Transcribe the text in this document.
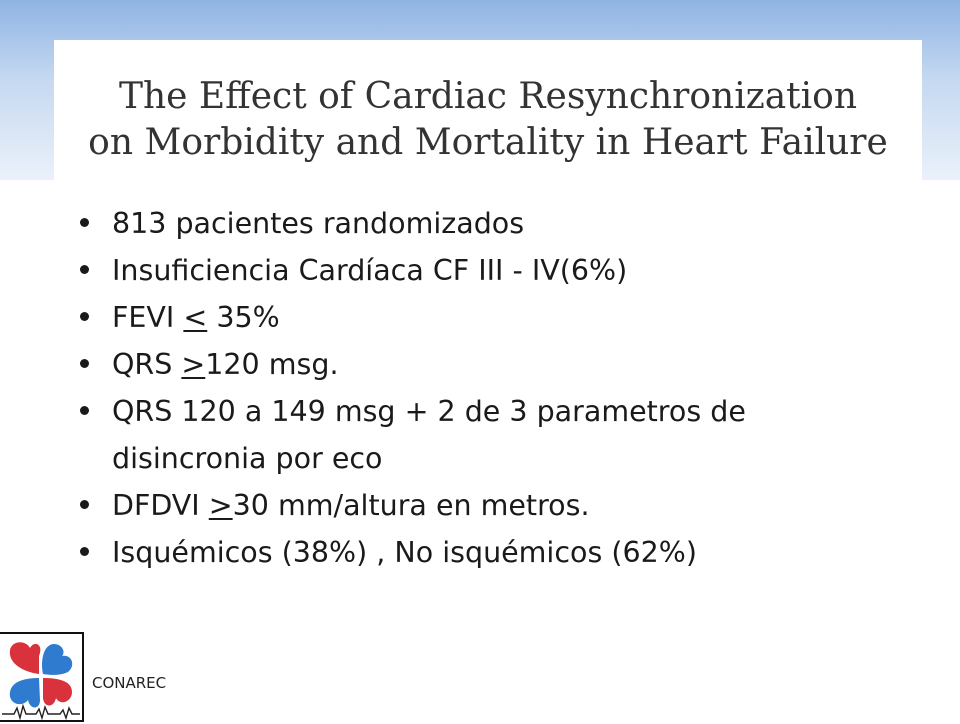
The Effect of Cardiac Resynchronization
on Morbidity and Mortality in Heart Failure
813 pacientes randomizados
Insuficiencia Cardíaca CF III - IV(6%)
FEVI < 35%
QRS >120 msg.
QRS 120 a 149 msg + 2 de 3 parametros de disincronia por eco
DFDVI >30 mm/altura en metros.
Isquémicos (38%) , No isquémicos (62%)
CONAREC
